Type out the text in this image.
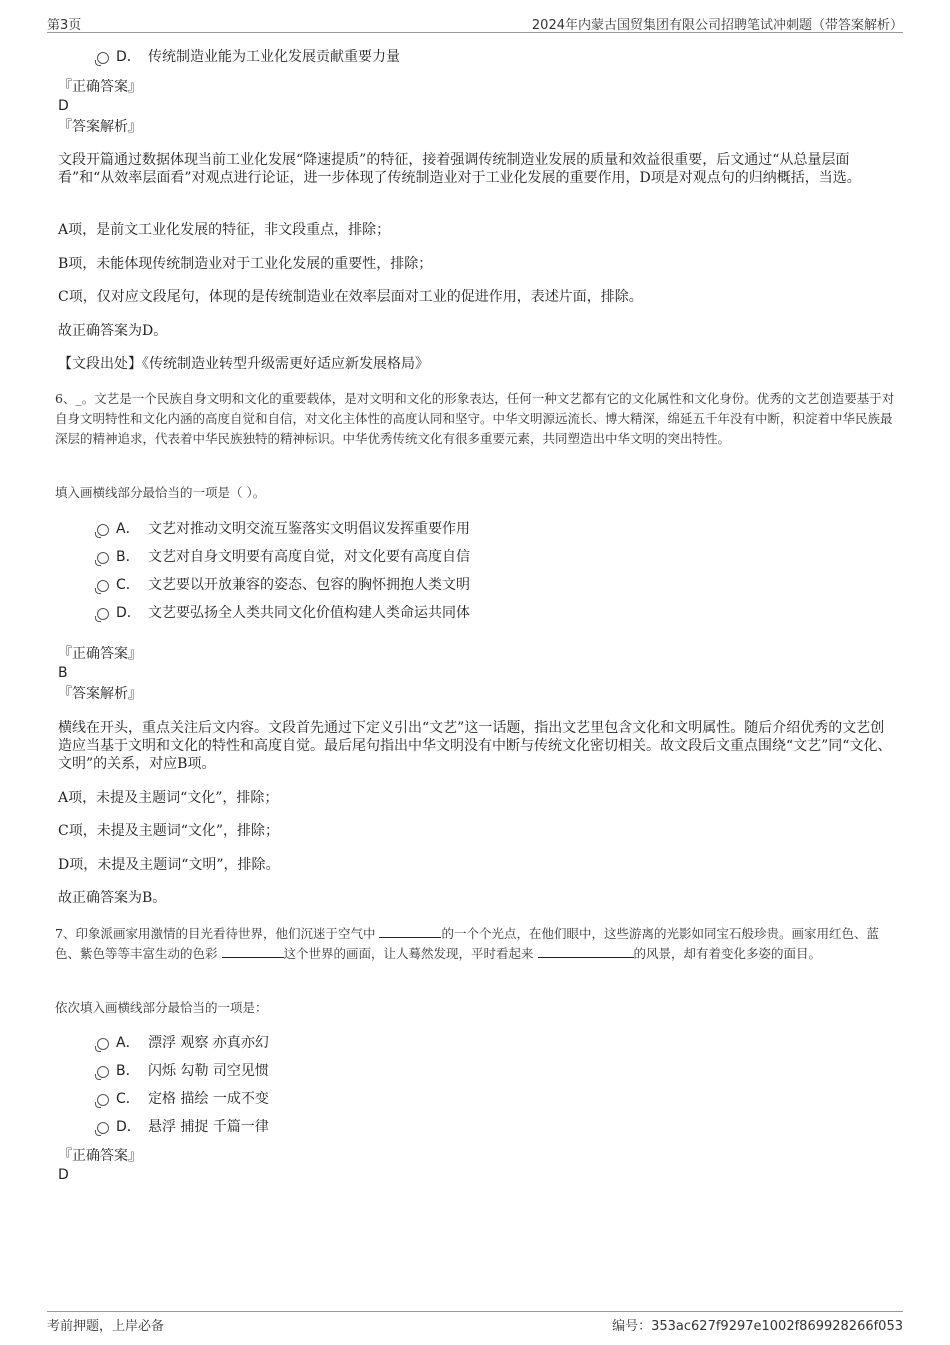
第3页	2024年内蒙古国贸集团有限公司招聘笔试冲刺题（带答案解析）
D． 传统制造业能为工业化发展贡献重要力量
『正确答案』
D
『答案解析』
文段开篇通过数据体现当前工业化发展“降速提质”的特征，接着强调传统制造业发展的质量和效益很重要，后文通过“从总量层面看”和“从效率层面看”对观点进行论证，进一步体现了传统制造业对于工业化发展的重要作用，D项是对观点句的归纳概括，当选。
A项，是前文工业化发展的特征，非文段重点，排除；
B项，未能体现传统制造业对于工业化发展的重要性，排除；
C项，仅对应文段尾句，体现的是传统制造业在效率层面对工业的促进作用，表述片面，排除。
故正确答案为D。
【文段出处】《传统制造业转型升级需更好适应新发展格局》
6、_。文艺是一个民族自身文明和文化的重要载体，是对文明和文化的形象表达，任何一种文艺都有它的文化属性和文化身份。优秀的文艺创造要基于对自身文明特性和文化内涵的高度自觉和自信，对文化主体性的高度认同和坚守。中华文明源远流长、博大精深，绵延五千年没有中断，积淀着中华民族最深层的精神追求，代表着中华民族独特的精神标识。中华优秀传统文化有很多重要元素，共同塑造出中华文明的突出特性。
填入画横线部分最恰当的一项是（ ）。
A． 文艺对推动文明交流互鉴落实文明倡议发挥重要作用
B． 文艺对自身文明要有高度自觉，对文化要有高度自信
C． 文艺要以开放兼容的姿态、包容的胸怀拥抱人类文明
D． 文艺要弘扬全人类共同文化价值构建人类命运共同体
『正确答案』
B
『答案解析』
横线在开头，重点关注后文内容。文段首先通过下定义引出“文艺”这一话题，指出文艺里包含文化和文明属性。随后介绍优秀的文艺创造应当基于文明和文化的特性和高度自觉。最后尾句指出中华文明没有中断与传统文化密切相关。故文段后文重点围绕“文艺”同“文化、文明”的关系，对应B项。
A项，未提及主题词“文化”，排除；
C项，未提及主题词“文化”，排除；
D项，未提及主题词“文明”，排除。
故正确答案为B。
7、印象派画家用激情的目光看待世界，他们沉迷于空气中	的一个个光点，在他们眼中，这些游离的光影如同宝石般珍贵。画家用红色、蓝色、紫色等等丰富生动的色彩	这个世界的画面，让人蓦然发现，平时看起来	的风景，却有着变化多姿的面目。
依次填入画横线部分最恰当的一项是：
A． 漂浮 观察 亦真亦幻
B． 闪烁 勾勒 司空见惯
C． 定格 描绘 一成不变
D． 悬浮 捕捉 千篇一律
『正确答案』
D
考前押题，上岸必备	编号：353ac627f9297e1002f869928266f053
